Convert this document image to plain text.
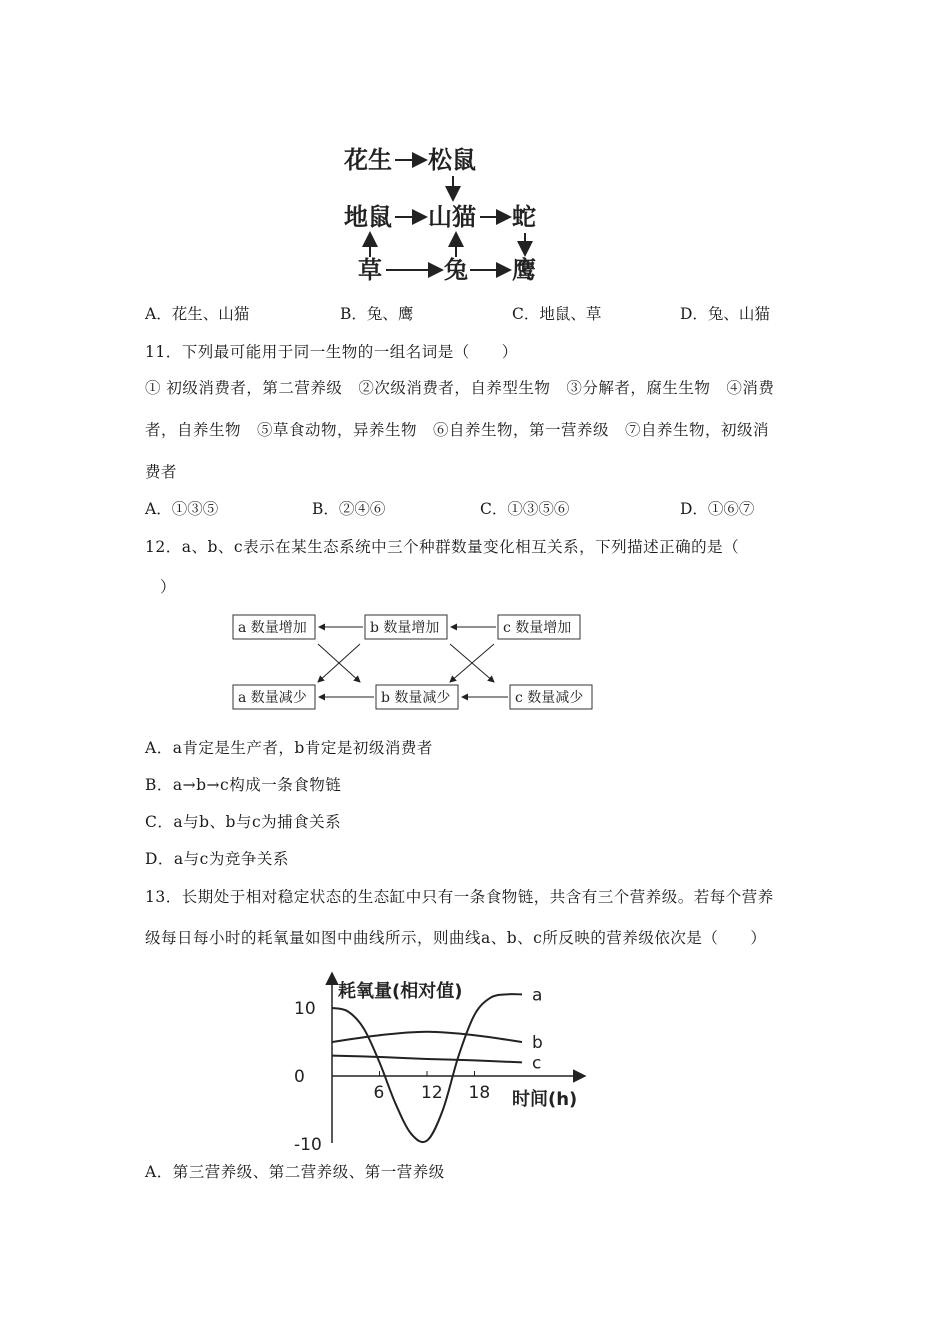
花生 松鼠
地鼠 山猫 蛇
草	兔 鹰
A．花生、山猫	B．兔、鹰	C．地鼠、草	D．兔、山猫
11．下列最可能用于同一生物的一组名词是（　　）
① 初级消费者，第二营养级　②次级消费者，自养型生物　③分解者，腐生生物　④消费
者，自养生物　⑤草食动物，异养生物　⑥自养生物，第一营养级　⑦自养生物，初级消
费者
A．①③⑤	B．②④⑥	C．①③⑤⑥	D．①⑥⑦
12．a、b、c表示在某生态系统中三个种群数量变化相互关系，下列描述正确的是（
）
a 数量增加	b 数量增加	c 数量增加
a 数量减少	b 数量减少	c 数量减少
A．a肯定是生产者，b肯定是初级消费者
B．a→b→c构成一条食物链
C．a与b、b与c为捕食关系
D．a与c为竞争关系
13．长期处于相对稳定状态的生态缸中只有一条食物链，共含有三个营养级。若每个营养
级每日每小时的耗氧量如图中曲线所示，则曲线a、b、c所反映的营养级依次是（　　）
耗氧量(相对值)
时间(h)
6 12 18
10
0
-10
a
b
c
A．第三营养级、第二营养级、第一营养级
